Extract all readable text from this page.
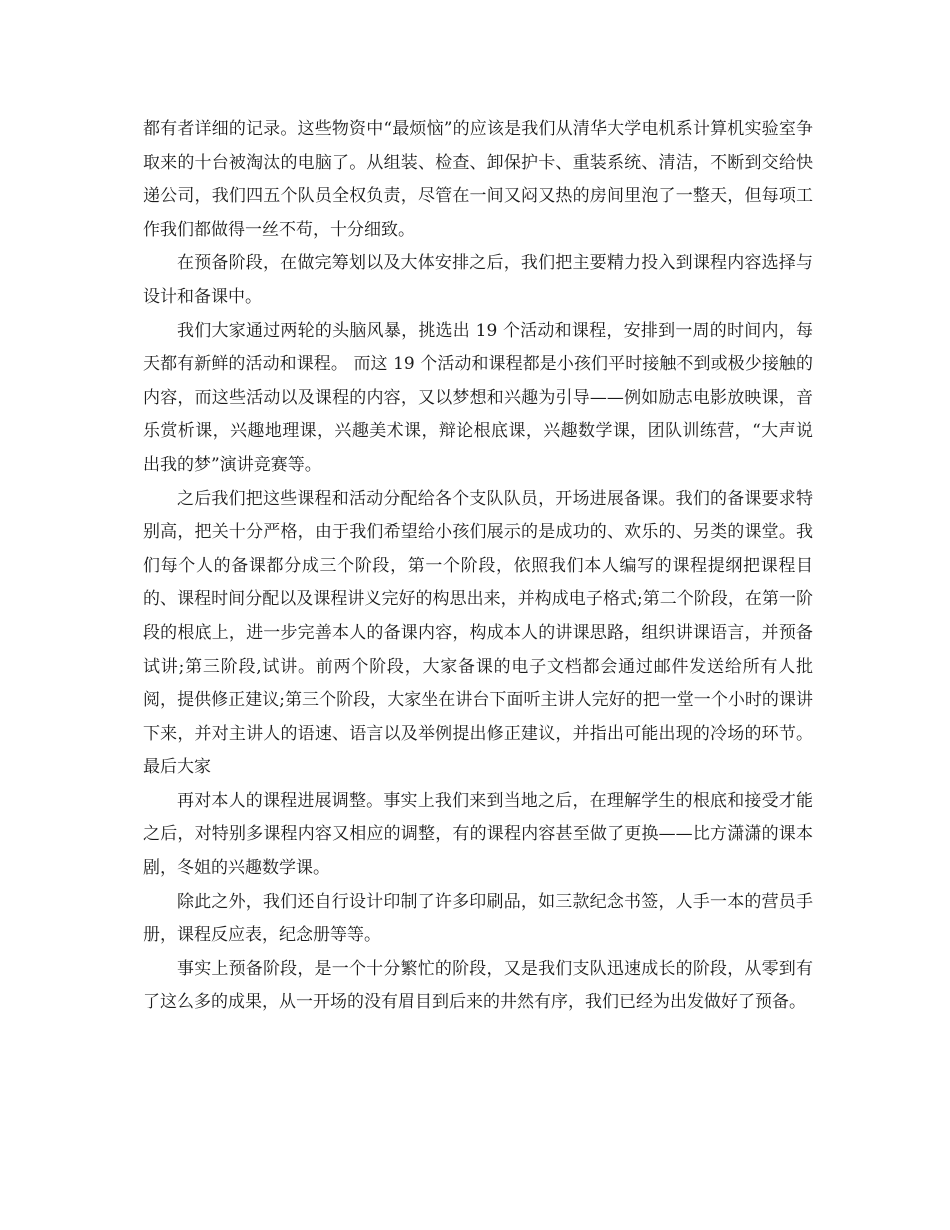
都有者详细的记录。这些物资中“最烦恼”的应该是我们从清华大学电机系计算机实验室争取来的十台被淘汰的电脑了。从组装、检查、卸保护卡、重装系统、清洁，不断到交给快递公司，我们四五个队员全权负责，尽管在一间又闷又热的房间里泡了一整天，但每项工作我们都做得一丝不苟，十分细致。

在预备阶段，在做完筹划以及大体安排之后，我们把主要精力投入到课程内容选择与设计和备课中。

我们大家通过两轮的头脑风暴，挑选出 19 个活动和课程，安排到一周的时间内，每天都有新鲜的活动和课程。 而这 19 个活动和课程都是小孩们平时接触不到或极少接触的内容，而这些活动以及课程的内容，又以梦想和兴趣为引导——例如励志电影放映课，音乐赏析课，兴趣地理课，兴趣美术课，辩论根底课，兴趣数学课，团队训练营，“大声说出我的梦”演讲竞赛等。

之后我们把这些课程和活动分配给各个支队队员，开场进展备课。我们的备课要求特别高，把关十分严格，由于我们希望给小孩们展示的是成功的、欢乐的、另类的课堂。我们每个人的备课都分成三个阶段，第一个阶段，依照我们本人编写的课程提纲把课程目的、课程时间分配以及课程讲义完好的构思出来，并构成电子格式;第二个阶段，在第一阶段的根底上，进一步完善本人的备课内容，构成本人的讲课思路，组织讲课语言，并预备试讲;第三阶段,试讲。前两个阶段，大家备课的电子文档都会通过邮件发送给所有人批阅，提供修正建议;第三个阶段，大家坐在讲台下面听主讲人完好的把一堂一个小时的课讲下来，并对主讲人的语速、语言以及举例提出修正建议，并指出可能出现的冷场的环节。最后大家

再对本人的课程进展调整。事实上我们来到当地之后，在理解学生的根底和接受才能之后，对特别多课程内容又相应的调整，有的课程内容甚至做了更换——比方潇潇的课本剧，冬姐的兴趣数学课。

除此之外，我们还自行设计印制了许多印刷品，如三款纪念书签，人手一本的营员手册，课程反应表，纪念册等等。

事实上预备阶段，是一个十分繁忙的阶段，又是我们支队迅速成长的阶段，从零到有了这么多的成果，从一开场的没有眉目到后来的井然有序，我们已经为出发做好了预备。
